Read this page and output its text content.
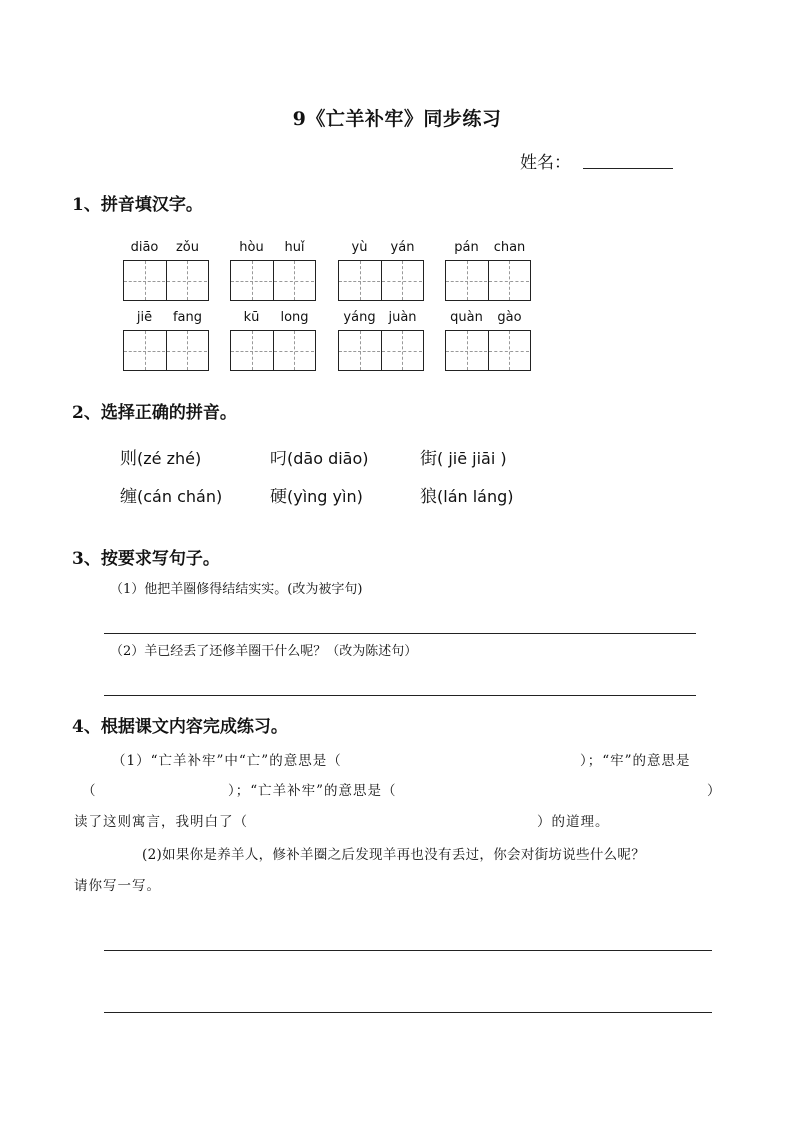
9《亡羊补牢》同步练习
姓名：
1、拼音填汉字。
diāo	zǒu	hòu	huǐ	yù	yán	pán	chan
jiē	fang	kū	long	yáng juàn	quàn	gào
2、选择正确的拼音。
则(zé zhé)	叼(dāo diāo)	街( jiē jiāi )
缠(cán chán)	硬(yìng yìn)	狼(lán láng)
3、按要求写句子。
（1）他把羊圈修得结结实实。(改为被字句)
（2）羊已经丢了还修羊圈干什么呢？（改为陈述句）
4、根据课文内容完成练习。
（1）“亡羊补牢”中“亡”的意思是（	）；“牢”的意思是
（	）；“亡羊补牢”的意思是（	）
读了这则寓言，我明白了（	）的道理。
(2)如果你是养羊人，修补羊圈之后发现羊再也没有丢过，你会对街坊说些什么呢？
请你写一写。
